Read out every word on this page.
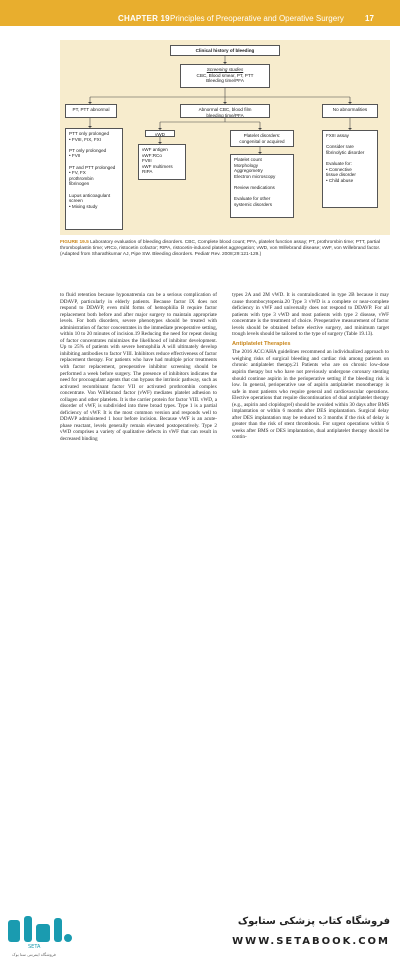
CHAPTER 19 Principles of Preoperative and Operative Surgery	17
Clinical history of bleeding
Screening studies
CBC, Blood smear, PT, PTT
Bleeding time/PFA
PT, PTT abnormal	Abnormal CBC, blood film
bleeding time/PFA
No abnormalities
PTT only prolonged
• FVIII, FIX, FXI

PT only prolonged
• FVII

PT and PTT prolonged
• FV, FX
prothrombin
fibrinogen

Lupus anticoagulant
screen
• Mixing study
vWD
vWF antigen
vWF:RCo
FVIII
vWF multimers
RIPA
Platelet disorders:
congenital or acquired
Platelet count
Morphology
Aggregometry
Electron microscopy

Review medications

Evaluate for other
systemic disorders
FXIII assay

Consider rare
fibrinolytic disorder

Evaluate for:
• Connective
tissue disorder
• Child abuse
FIGURE 19.5 Laboratory evaluation of bleeding disorders. CBC, Complete blood count; PFA, platelet function assay; PT, prothrombin time; PTT, partial thromboplastin time; vRCo, ristocetin cofactor; RIPA, ristocetin-induced platelet aggregation; vWD, von Willebrand disease; vWF, von Willebrand factor. (Adapted from Sharathkumar AJ, Pipe SW. Bleeding disorders. Pediatr Rev. 2008;29:121-129.)

to fluid retention because hyponatremia can be a serious complication of DDAVP, particularly in elderly patients. Because factor IX does not respond to DDAVP, even mild forms of hemophilia B require factor replacement both before and after major surgery to maintain appropriate levels. For both disorders, severe phenotypes should be treated with administration of factor concentrates in the immediate preoperative setting, within 10 to 20 minutes of incision.19 Reducing the need for repeat dosing of factor concentrates minimizes the likelihood of inhibitor development. Up to 25% of patients with severe hemophilia A will ultimately develop inhibiting antibodies to factor VIII. Inhibitors reduce effectiveness of factor replacement therapy. For patients who have had multiple prior treatments with factor replacement, preoperative inhibitor screening should be performed a week before surgery. The presence of inhibitors indicates the need for procoagulant agents that can bypass the intrinsic pathway, such as activated recombinant factor VII or activated prothrombin complex concentrate. Von Willebrand factor (vWF) mediates platelet adhesion to collagen and other platelets. It is the carrier protein for factor VIII. vWD, a disorder of vWF, is subdivided into three broad types. Type 1 is a partial deficiency of vWF. It is the most common version and responds well to DDAVP administered 1 hour before incision. Because vWF is an acute-phase reactant, levels generally remain elevated postoperatively. Type 2 vWD comprises a variety of qualitative defects in vWF that can result in decreased binding

types 2A and 2M vWD. It is contraindicated in type 2B because it may cause thrombocytopenia.20 Type 3 vWD is a complete or near-complete deficiency in vWF and universally does not respond to DDAVP. For all patients with type 3 vWD and most patients with type 2 disease, vWF concentrate is the treatment of choice. Preoperative measurement of factor levels should be obtained before elective surgery, and minimum target trough levels should be tailored to the type of surgery (Table 19.13).

Antiplatelet Therapies

The 2016 ACC/AHA guidelines recommend an individualized approach to weighing risks of surgical bleeding and cardiac risk among patients on chronic antiplatelet therapy.21 Patients who are on chronic low-dose aspirin therapy but who have not previously undergone coronary stenting should continue aspirin in the perioperative setting if the bleeding risk is low. In general, perioperative use of aspirin antiplatelet monotherapy is safe in most patients who require general and cardiovascular operations. Elective operations that require discontinuation of dual antiplatelet therapy (e.g., aspirin and clopidogrel) should be avoided within 30 days after BMS implantation or within 6 months after DES implantation. Surgical delay after DES implantation may be reduced to 3 months if the risk of delay is greater than the risk of stent thrombosis. For urgent operations within 6 weeks after BMS or DES implantation, dual antiplatelet therapy should be contin-

SETA
فروشگاه اینترنتی ستا بوک
فروشگاه کتاب پزشکی ستابوک
WWW.SETABOOK.COM
